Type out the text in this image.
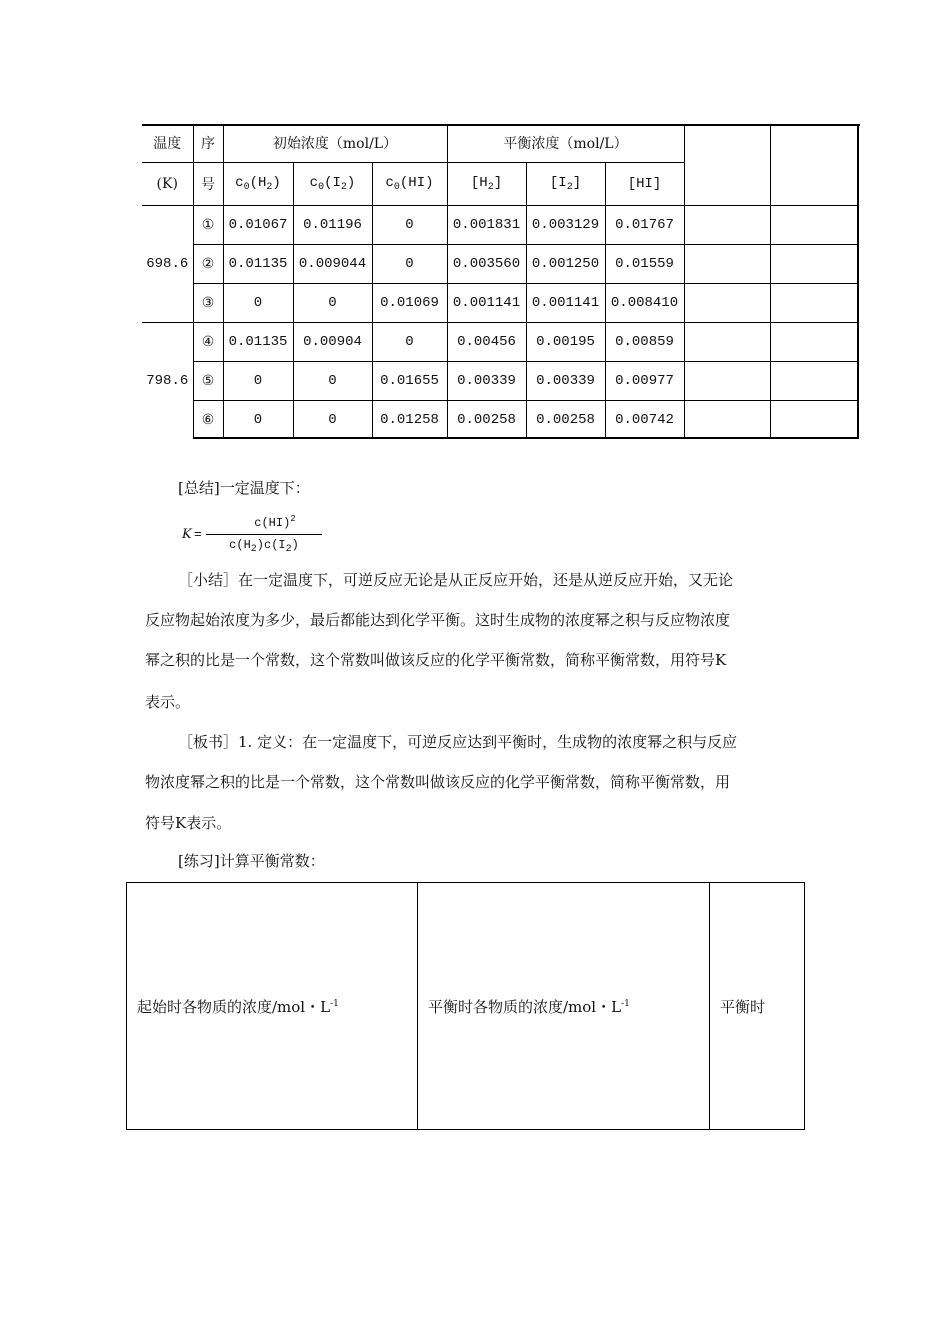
温度	序	初始浓度（mol/L）			平衡浓度（mol/L）				
(K)	号	$c_0(H_2)$	$c_0(I_2)$	$c_0(HI)$	$[H_2]$	$[I_2]$	[HI]		
698.6	①	0.01067	0.01196	0	0.001831	0.003129	0.01767		
	②	0.01135	0.009044	0	0.003560	0.001250	0.01559		
	③	0	0	0.01069	0.001141	0.001141	0.008410		
798.6	④	0.01135	0.00904	0	0.00456	0.00195	0.00859		
	⑤	0	0	0.01655	0.00339	0.00339	0.00977		
	⑥	0	0	0.01258	0.00258	0.00258	0.00742		
[总结]一定温度下：
K =
c(HI)$^2$
$c(H_2)c(I_2)$
［小结］在一定温度下，可逆反应无论是从正反应开始，还是从逆反应开始，又无论
反应物起始浓度为多少，最后都能达到化学平衡。这时生成物的浓度幂之积与反应物浓度
幂之积的比是一个常数，这个常数叫做该反应的化学平衡常数，简称平衡常数，用符号K
表示。
［板书］1. 定义：在一定温度下，可逆反应达到平衡时，生成物的浓度幂之积与反应
物浓度幂之积的比是一个常数，这个常数叫做该反应的化学平衡常数，简称平衡常数，用
符号K表示。
[练习]计算平衡常数：
起始时各物质的浓度/mol・$L^{-1}$	平衡时各物质的浓度/mol・$L^{-1}$	平衡时
